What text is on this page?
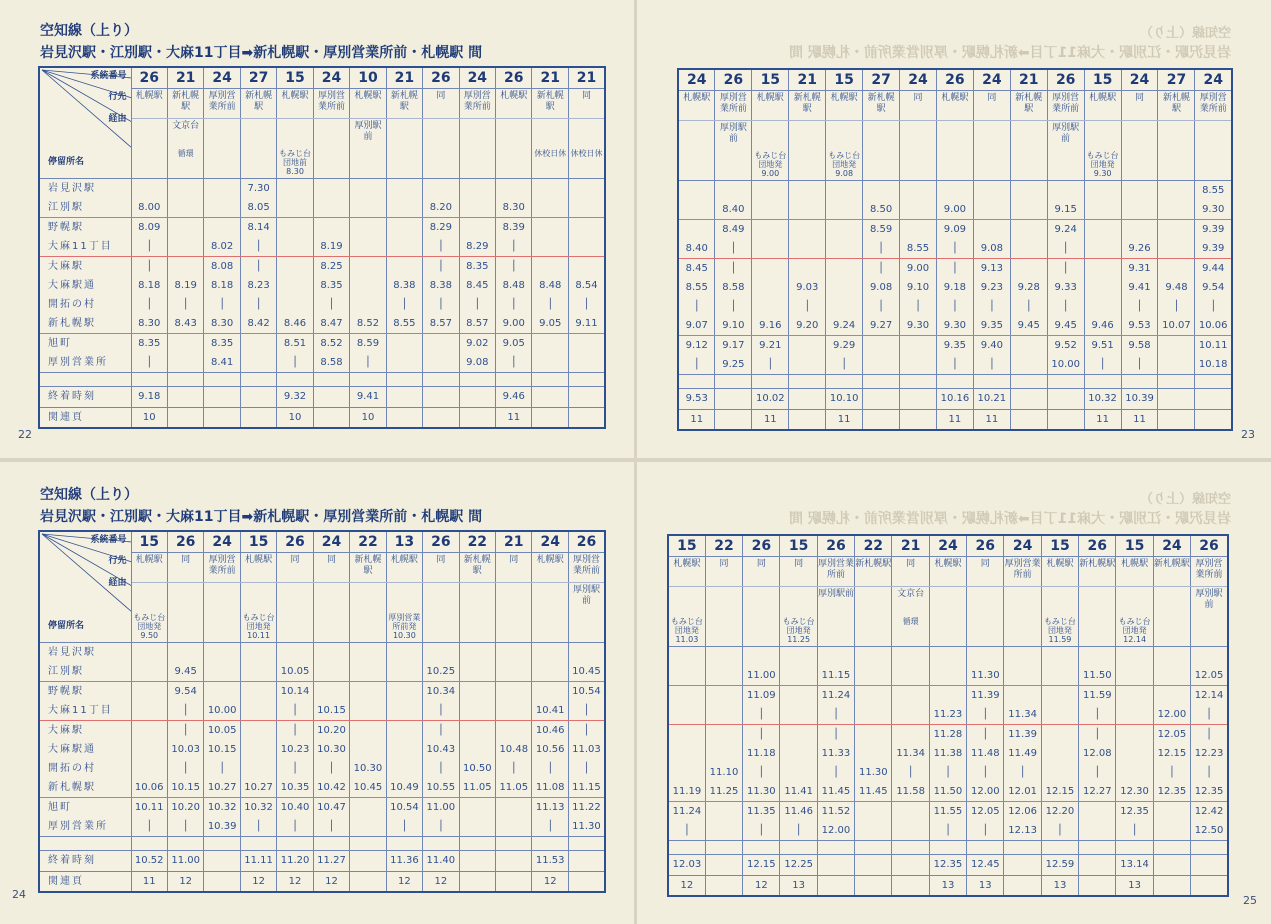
空知線（上り）
岩見沢駅・江別駅・大麻11丁目➡新札幌駅・厚別営業所前・札幌駅 間
系統番号
行先
経由
停留所名	26	21	24	27	15	24	10	21	26	24	26	21	21
	札幌駅	新札幌駅	厚別営業所前	新札幌駅	札幌駅	厚別営業所前	札幌駅	新札幌駅	同	厚別営業所前	札幌駅	新札幌駅	同
		文京台					厚別駅前						
		循環			もみじ台団地前 8.30							休校日休	休校日休
岩見沢駅				7.30									
江別駅	8.00			8.05					8.20		8.30		
野幌駅	8.09			8.14					8.29		8.39		
大麻11丁目	│		8.02	│		8.19			│	8.29	│		
大麻駅	│		8.08	│		8.25			│	8.35	│		
大麻駅通	8.18	8.19	8.18	8.23		8.35		8.38	8.38	8.45	8.48	8.48	8.54
開拓の村	│	│	│	│		│		│	│	│	│	│	│
新札幌駅	8.30	8.43	8.30	8.42	8.46	8.47	8.52	8.55	8.57	8.57	9.00	9.05	9.11
旭町	8.35		8.35		8.51	8.52	8.59			9.02	9.05		
厚別営業所	│		8.41		│	8.58	│			9.08	│		

終着時刻	9.18				9.32		9.41				9.46		
関連頁	10				10		10				11		
22
空知線（上り）
岩見沢駅・江別駅・大麻11丁目➡新札幌駅・厚別営業所前・札幌駅 間
24	26	15	21	15	27	24	26	24	21	26	15	24	27	24
札幌駅	厚別営業所前	札幌駅	新札幌駅	札幌駅	新札幌駅	同	札幌駅	同	新札幌駅	厚別営業所前	札幌駅	同	新札幌駅	厚別営業所前
	厚別駅前									厚別駅前				
		もみじ台団地発 9.00		もみじ台団地発 9.08							もみじ台団地発 9.30			
														8.55
	8.40				8.50		9.00			9.15				9.30
	8.49				8.59		9.09			9.24				9.39
8.40	│				│	8.55	│	9.08		│		9.26		9.39
8.45	│				│	9.00	│	9.13		│		9.31		9.44
8.55	8.58		9.03		9.08	9.10	9.18	9.23	9.28	9.33		9.41	9.48	9.54
│	│		│		│	│	│	│	│	│		│	│	│
9.07	9.10	9.16	9.20	9.24	9.27	9.30	9.30	9.35	9.45	9.45	9.46	9.53	10.07	10.06
9.12	9.17	9.21		9.29			9.35	9.40		9.52	9.51	9.58		10.11
│	9.25	│		│			│	│		10.00	│	│		10.18

9.53		10.02		10.10			10.16	10.21			10.32	10.39		
11		11		11			11	11			11	11		
23
空知線（上り）
岩見沢駅・江別駅・大麻11丁目➡新札幌駅・厚別営業所前・札幌駅 間
系統番号
行先
経由
停留所名	15	26	24	15	26	24	22	13	26	22	21	24	26
	札幌駅	同	厚別営業所前	札幌駅	同	同	新札幌駅	札幌駅	同	新札幌駅	同	札幌駅	厚別営業所前
													厚別駅前
	もみじ台団地発 9.50			もみじ台団地発 10.11				厚別営業所前発 10.30					
岩見沢駅													
江別駅		9.45			10.05				10.25				10.45
野幌駅		9.54			10.14				10.34				10.54
大麻11丁目		│	10.00		│	10.15			│			10.41	│
大麻駅		│	10.05		│	10.20			│			10.46	│
大麻駅通		10.03	10.15		10.23	10.30			10.43		10.48	10.56	11.03
開拓の村		│	│		│	│	10.30		│	10.50	│	│	│
新札幌駅	10.06	10.15	10.27	10.27	10.35	10.42	10.45	10.49	10.55	11.05	11.05	11.08	11.15
旭町	10.11	10.20	10.32	10.32	10.40	10.47		10.54	11.00			11.13	11.22
厚別営業所	│	│	10.39	│	│	│		│	│			│	11.30

終着時刻	10.52	11.00		11.11	11.20	11.27		11.36	11.40			11.53	
関連頁	11	12		12	12	12		12	12			12	
24
空知線（上り）
岩見沢駅・江別駅・大麻11丁目➡新札幌駅・厚別営業所前・札幌駅 間
15	22	26	15	26	22	21	24	26	24	15	26	15	24	26
札幌駅	同	同	同	厚別営業所前	新札幌駅	同	札幌駅	同	厚別営業所前	札幌駅	新札幌駅	札幌駅	新札幌駅	厚別営業所前
				厚別駅前		文京台								厚別駅前
もみじ台団地発 11.03			もみじ台団地発 11.25			循環				もみじ台団地発 11.59		もみじ台団地発 12.14		

		11.00		11.15				11.30			11.50			12.05
		11.09		11.24				11.39			11.59			12.14
		│		│			11.23	│	11.34		│		12.00	│
		│		│			11.28	│	11.39		│		12.05	│
		11.18		11.33		11.34	11.38	11.48	11.49		12.08		12.15	12.23
	11.10	│		│	11.30	│	│	│	│		│		│	│
11.19	11.25	11.30	11.41	11.45	11.45	11.58	11.50	12.00	12.01	12.15	12.27	12.30	12.35	12.35
11.24		11.35	11.46	11.52			11.55	12.05	12.06	12.20		12.35		12.42
│		│	│	12.00			│	│	12.13	│		│		12.50

12.03		12.15	12.25				12.35	12.45		12.59		13.14		
12		12	13				13	13		13		13		
25
